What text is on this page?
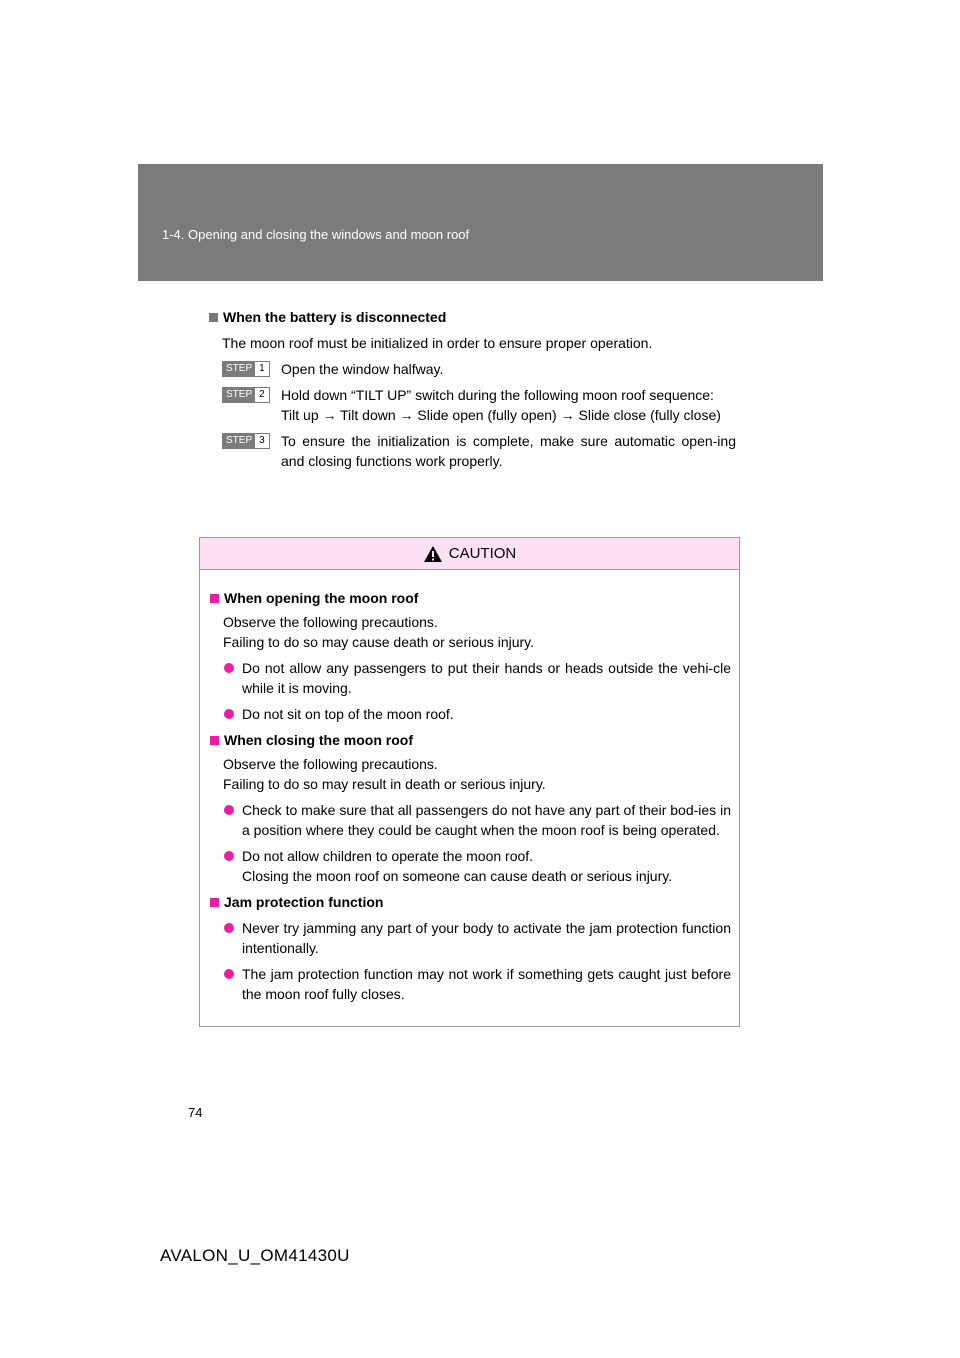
1-4. Opening and closing the windows and moon roof
When the battery is disconnected
The moon roof must be initialized in order to ensure proper operation.
STEP 1 Open the window halfway.
STEP 2 Hold down “TILT UP” switch during the following moon roof sequence:
Tilt up → Tilt down → Slide open (fully open) → Slide close (fully close)
STEP 3 To ensure the initialization is complete, make sure automatic open-ing and closing functions work properly.
CAUTION
When opening the moon roof
Observe the following precautions.
Failing to do so may cause death or serious injury.
Do not allow any passengers to put their hands or heads outside the vehi-cle while it is moving.
Do not sit on top of the moon roof.
When closing the moon roof
Observe the following precautions.
Failing to do so may result in death or serious injury.
Check to make sure that all passengers do not have any part of their bod-ies in a position where they could be caught when the moon roof is being operated.
Do not allow children to operate the moon roof.
Closing the moon roof on someone can cause death or serious injury.
Jam protection function
Never try jamming any part of your body to activate the jam protection function intentionally.
The jam protection function may not work if something gets caught just before the moon roof fully closes.
74
AVALON_U_OM41430U
